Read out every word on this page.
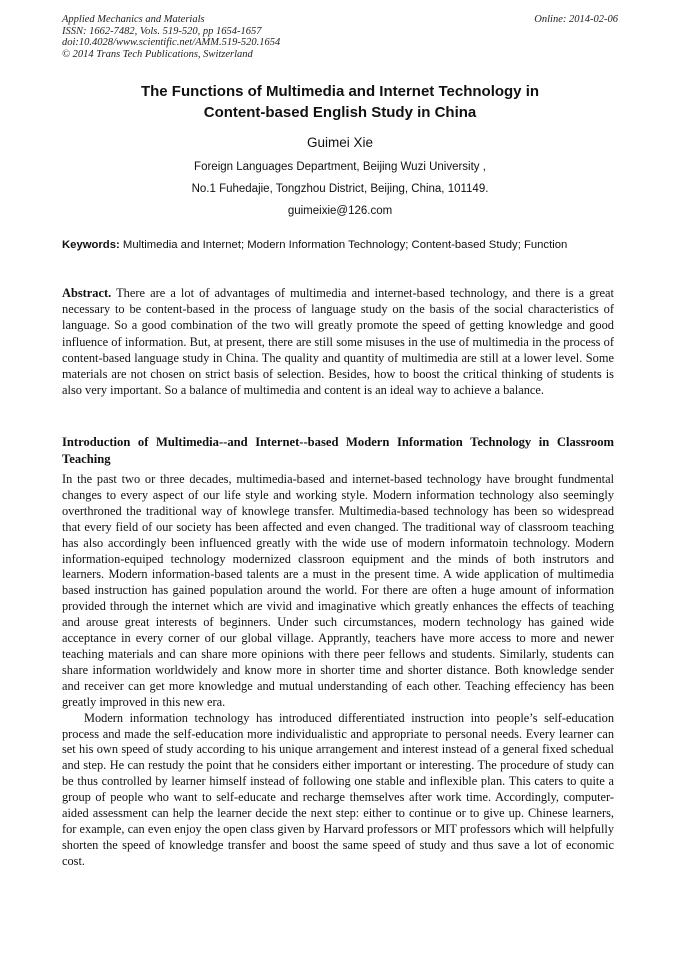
Applied Mechanics and Materials
ISSN: 1662-7482, Vols. 519-520, pp 1654-1657
doi:10.4028/www.scientific.net/AMM.519-520.1654
© 2014 Trans Tech Publications, Switzerland
Online: 2014-02-06
The Functions of Multimedia and Internet Technology in
Content-based English Study in China
Guimei Xie
Foreign Languages Department, Beijing Wuzi University ,
No.1 Fuhedajie, Tongzhou District, Beijing, China, 101149.
guimeixie@126.com
Keywords: Multimedia and Internet; Modern Information Technology; Content-based Study; Function
Abstract. There are a lot of advantages of multimedia and internet-based technology, and there is a great necessary to be content-based in the process of language study on the basis of the social characteristics of language. So a good combination of the two will greatly promote the speed of getting knowledge and good influence of information. But, at present, there are still some misuses in the use of multimedia in the process of content-based language study in China. The quality and quantity of multimedia are still at a lower level. Some materials are not chosen on strict basis of selection. Besides, how to boost the critical thinking of students is also very important. So a balance of multimedia and content is an ideal way to achieve a balance.
Introduction of Multimedia--and Internet--based Modern Information Technology in Classroom Teaching

In the past two or three decades, multimedia-based and internet-based technology have brought fundmental changes to every aspect of our life style and working style. Modern information technology also seemingly overthroned the traditional way of knowlege transfer. Multimedia-based technology has been so widespread that every field of our society has been affected and even changed. The traditional way of classroom teaching has also accordingly been influenced greatly with the wide use of modern informatoin technology. Modern information-equiped technology modernized classroon equipment and the minds of both instrutors and learners. Modern information-based talents are a must in the present time. A wide application of multimedia based instruction has gained population around the world. For there are often a huge amount of information provided through the internet which are vivid and imaginative which greatly enhances the effects of teaching and arouse great interests of beginners. Under such circumstances, modern technology has gained wide acceptance in every corner of our global village. Apprantly, teachers have more access to more and newer teaching materials and can share more opinions with there peer fellows and students. Similarly, students can share information worldwidely and know more in shorter time and shorter distance. Both knowledge sender and receiver can get more knowledge and mutual understanding of each other. Teaching effeciency has been greatly improved in this new era.

Modern information technology has introduced differentiated instruction into people’s self-education process and made the self-education more individualistic and appropriate to personal needs. Every learner can set his own speed of study according to his unique arrangement and interest instead of a general fixed schedual and step. He can restudy the point that he considers either important or interesting. The procedure of study can be thus controlled by learner himself instead of following one stable and inflexible plan. This caters to quite a group of people who want to self-educate and recharge themselves after work time. Accordingly, computer-aided assessment can help the learner decide the next step: either to continue or to give up. Chinese learners, for example, can even enjoy the open class given by Harvard professors or MIT professors which will helpfully shorten the speed of knowledge transfer and boost the same speed of study and thus save a lot of economic cost.
